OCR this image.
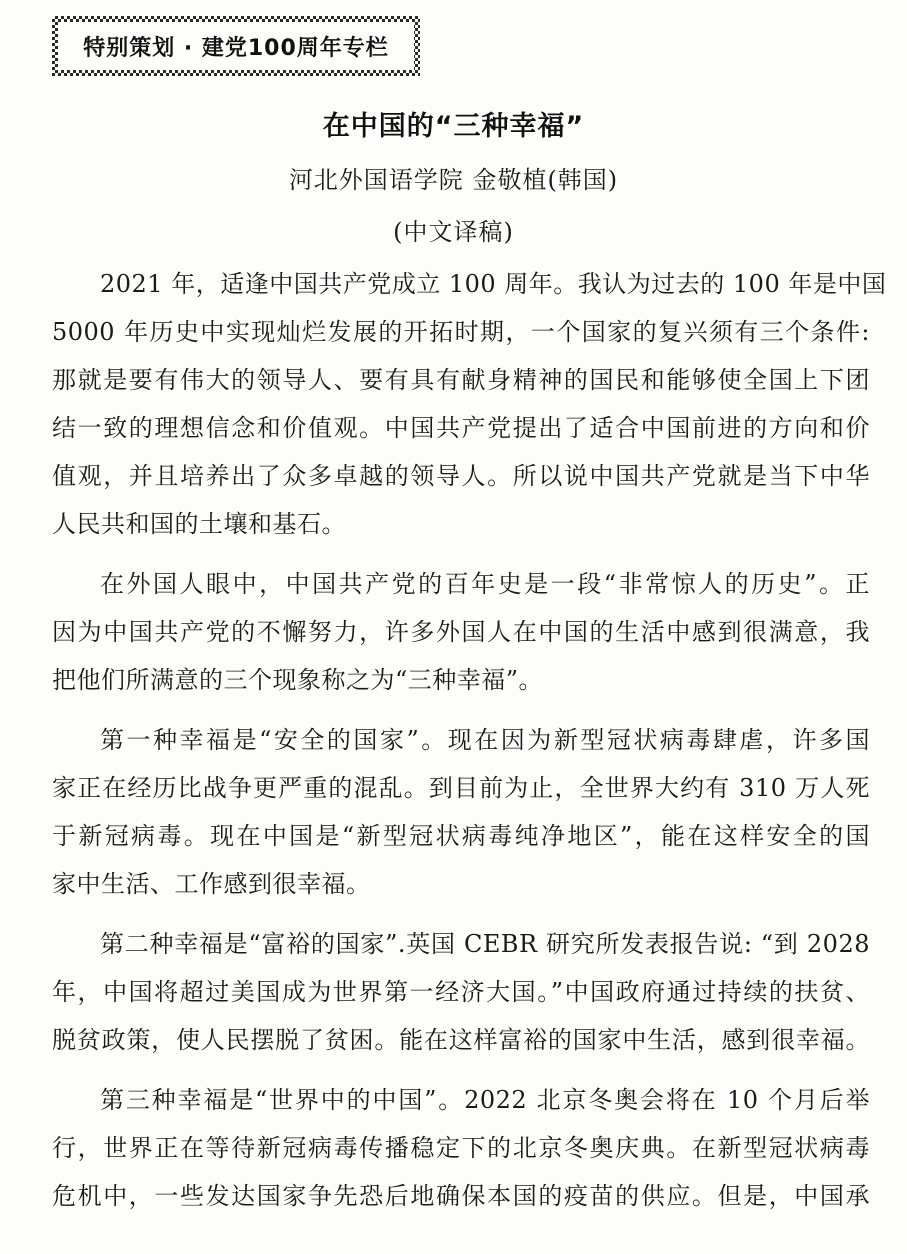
特别策划 · 建党100周年专栏
在中国的“三种幸福”
河北外国语学院 金敬植(韩国)
(中文译稿)
2021 年，适逢中国共产党成立 100 周年。我认为过去的 100 年是中国
5000 年历史中实现灿烂发展的开拓时期，一个国家的复兴须有三个条件:
那就是要有伟大的领导人、要有具有献身精神的国民和能够使全国上下团
结一致的理想信念和价值观。中国共产党提出了适合中国前进的方向和价
值观，并且培养出了众多卓越的领导人。所以说中国共产党就是当下中华
人民共和国的土壤和基石。
在外国人眼中，中国共产党的百年史是一段“非常惊人的历史”。正
因为中国共产党的不懈努力，许多外国人在中国的生活中感到很满意，我
把他们所满意的三个现象称之为“三种幸福”。
第一种幸福是“安全的国家”。现在因为新型冠状病毒肆虐，许多国
家正在经历比战争更严重的混乱。到目前为止，全世界大约有 310 万人死
于新冠病毒。现在中国是“新型冠状病毒纯净地区”，能在这样安全的国
家中生活、工作感到很幸福。
第二种幸福是“富裕的国家”.英国 CEBR 研究所发表报告说: “到 2028
年，中国将超过美国成为世界第一经济大国。”中国政府通过持续的扶贫、
脱贫政策，使人民摆脱了贫困。能在这样富裕的国家中生活，感到很幸福。
第三种幸福是“世界中的中国”。2022 北京冬奥会将在 10 个月后举
行，世界正在等待新冠病毒传播稳定下的北京冬奥庆典。在新型冠状病毒
危机中，一些发达国家争先恐后地确保本国的疫苗的供应。但是，中国承
